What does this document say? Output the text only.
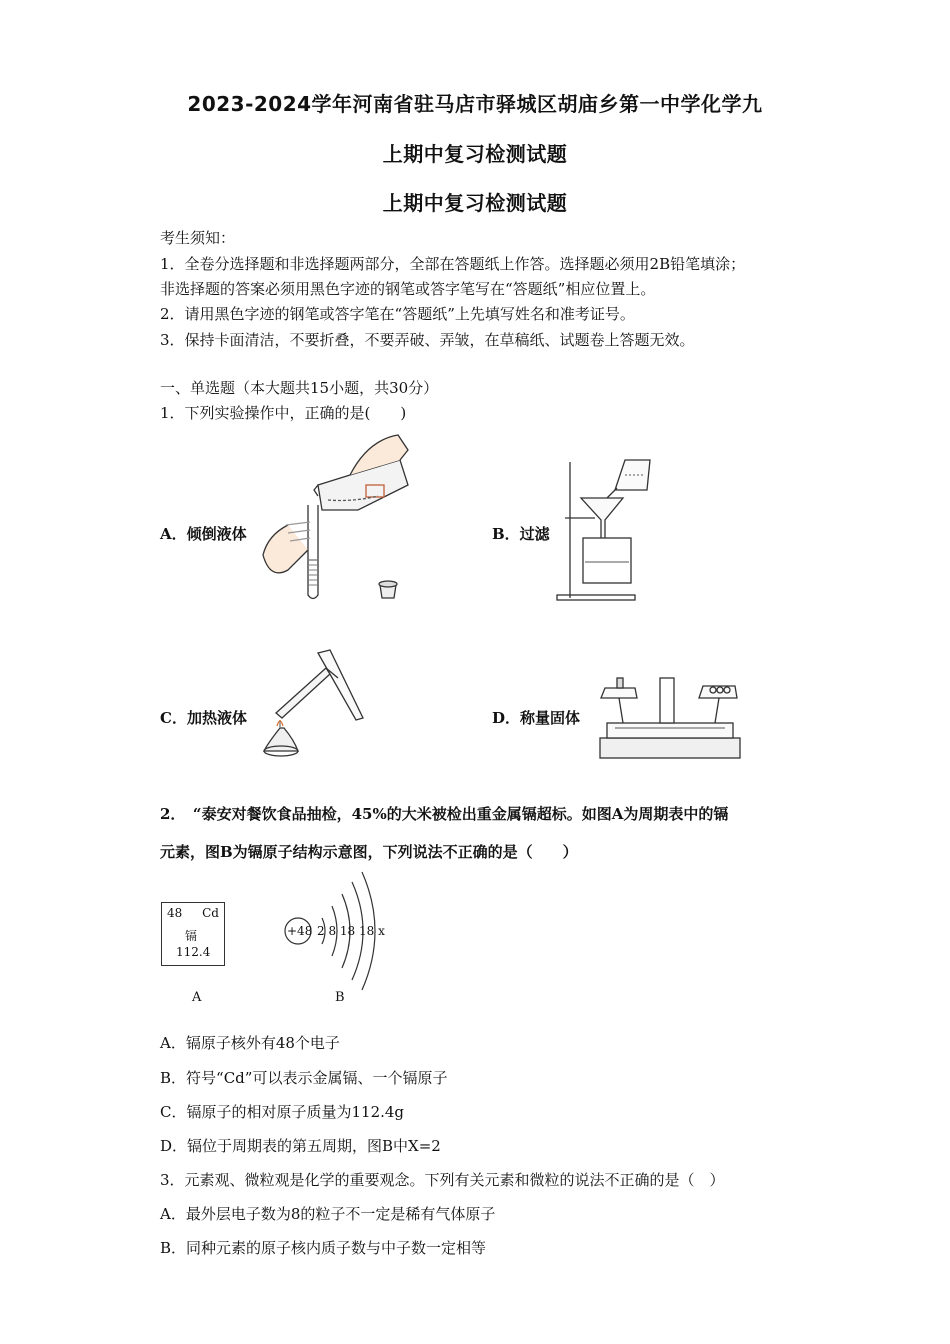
2023-2024学年河南省驻马店市驿城区胡庙乡第一中学化学九
上期中复习检测试题
上期中复习检测试题
考生须知：
1．全卷分选择题和非选择题两部分，全部在答题纸上作答。选择题必须用2B铅笔填涂；
非选择题的答案必须用黑色字迹的钢笔或答字笔写在“答题纸”相应位置上。
2．请用黑色字迹的钢笔或答字笔在“答题纸”上先填写姓名和准考证号。
3．保持卡面清洁，不要折叠，不要弄破、弄皱，在草稿纸、试题卷上答题无效。
一、单选题（本大题共15小题，共30分）
1．下列实验操作中，正确的是(　　)
A．倾倒液体	B．过滤
C．加热液体	D．称量固体
2．　“泰安对餐饮食品抽检，45%的大米被检出重金属镉超标。如图A为周期表中的镉
元素，图B为镉原子结构示意图，下列说法不正确的是（　　）
48 Cd
镉
112.4
A
+48 2 8 18 18 x
B
A．镉原子核外有48个电子
B．符号“Cd”可以表示金属镉、一个镉原子
C．镉原子的相对原子质量为112.4g
D．镉位于周期表的第五周期，图B中X=2
3．元素观、微粒观是化学的重要观念。下列有关元素和微粒的说法不正确的是（　）
A．最外层电子数为8的粒子不一定是稀有气体原子
B．同种元素的原子核内质子数与中子数一定相等
